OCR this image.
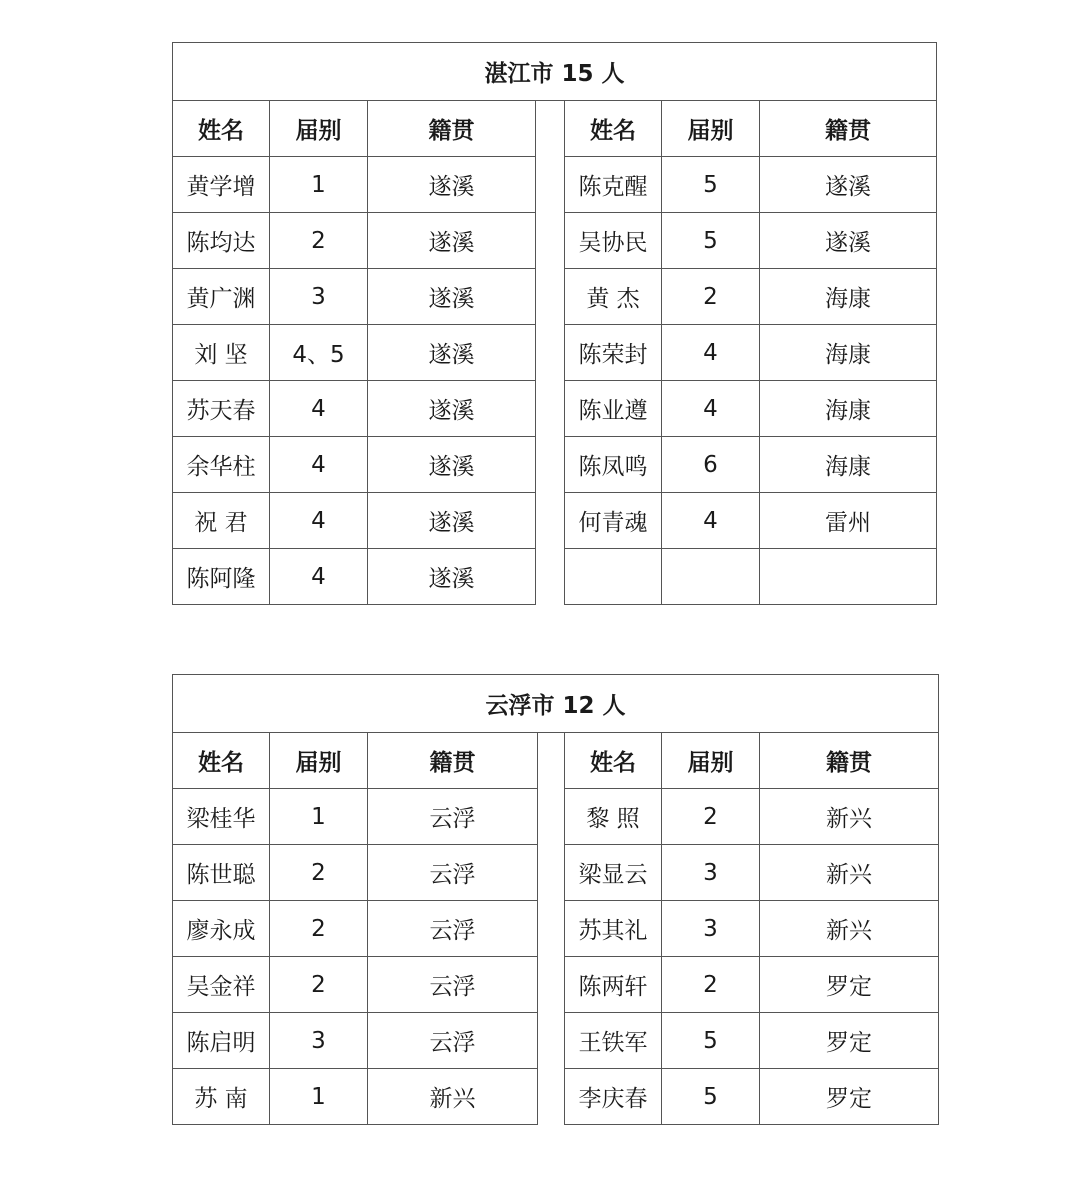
湛江市 15 人
姓名	届别	籍贯
黄学增	1	遂溪
陈均达	2	遂溪
黄广渊	3	遂溪
刘 坚	4、5	遂溪
苏天春	4	遂溪
余华柱	4	遂溪
祝 君	4	遂溪
陈阿隆	4	遂溪
姓名	届别	籍贯
陈克醒	5	遂溪
吴协民	5	遂溪
黄 杰	2	海康
陈荣封	4	海康
陈业遵	4	海康
陈凤鸣	6	海康
何青魂	4	雷州

云浮市 12 人
姓名	届别	籍贯
梁桂华	1	云浮
陈世聪	2	云浮
廖永成	2	云浮
吴金祥	2	云浮
陈启明	3	云浮
苏 南	1	新兴
姓名	届别	籍贯
黎 照	2	新兴
梁显云	3	新兴
苏其礼	3	新兴
陈两轩	2	罗定
王铁军	5	罗定
李庆春	5	罗定
